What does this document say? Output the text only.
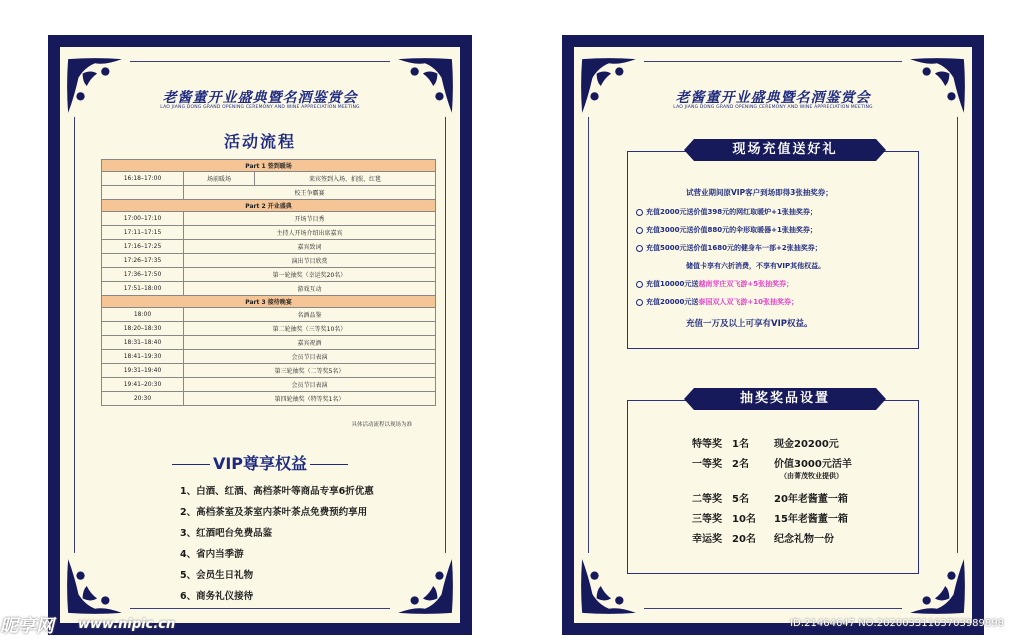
老酱董开业盛典暨名酒鉴赏会
LAO JIANG DONG GRAND OPENING CEREMONY AND WINE APPRECIATION MEETING
活动流程
Part 1 签到暖场		
16:18–17:00	场前暖场	来宾签到入场、拍照、红毯
	校王争霸赛	
Part 2 开业盛典		
17:00–17:10	开场节目秀	
17:11–17:15	主持人开场介绍出席嘉宾	
17:16–17:25	嘉宾致词	
17:26–17:35	演出节目欣赏	
17:36–17:50	第一轮抽奖（幸运奖20名）	
17:51–18:00	游戏互动	
Part 3 接待晚宴		
18:00	名酒品鉴	
18:20–18:30	第二轮抽奖（三等奖10名）	
18:31–18:40	嘉宾祝酒	
18:41–19:30	会员节目表演	
19:31–19:40	第三轮抽奖（二等奖5名）	
19:41–20:30	会员节目表演	
20:30	第四轮抽奖（特等奖1名）	
具体活动流程以现场为准
VIP尊享权益
1、白酒、红酒、高档茶叶等商品专享6折优惠
2、高档茶室及茶室内茶叶茶点免费预约享用
3、红酒吧台免费品鉴
4、省内当季游
5、会员生日礼物
6、商务礼仪接待
老酱董开业盛典暨名酒鉴赏会
LAO JIANG DONG GRAND OPENING CEREMONY AND WINE APPRECIATION MEETING
现场充值送好礼
试营业期间原VIP客户到场即得3张抽奖券；
充值2000元送价值398元的网红取暖炉+1张抽奖券；
充值3000元送价值880元的伞形取暖器+1张抽奖券；
充值5000元送价值1680元的健身车一部+2张抽奖券；
储值卡享有六折消费，不享有VIP其他权益。
充值10000元送越南芽庄双飞游+5张抽奖券；
充值20000元送泰国双人双飞游+10张抽奖券；
充值一万及以上可享有VIP权益。
抽奖奖品设置
特等奖 1名	现金20200元
一等奖 2名	价值3000元活羊
（由菁茂牧业提供）
二等奖 5名	20年老酱董一箱
三等奖 10名 15年老酱董一箱
幸运奖 20名 纪念礼物一份
昵享网 www.nipic.cn	ID:21464647 NO:20200331163703989898
